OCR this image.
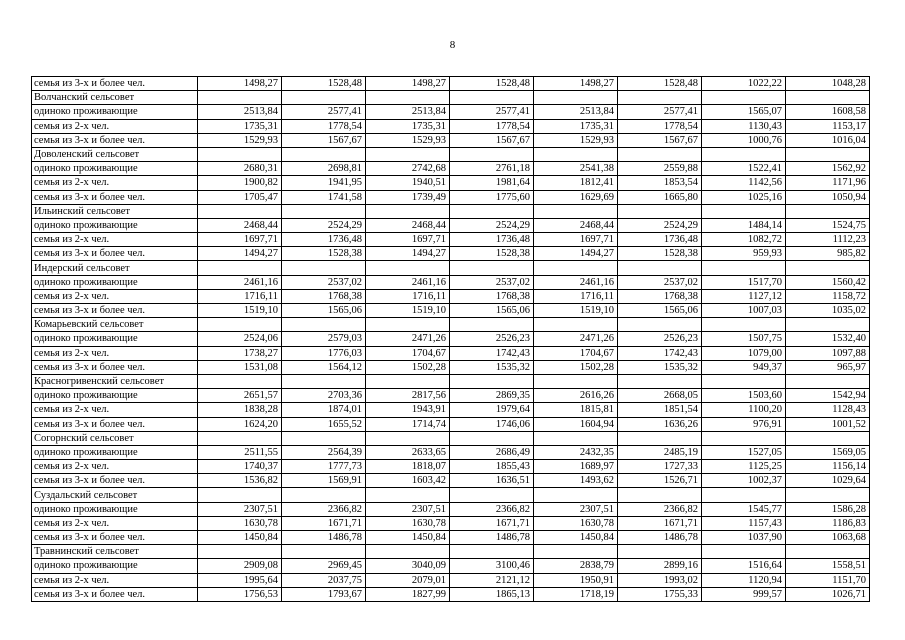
8
семья из 3-х и более чел.	1498,27	1528,48	1498,27	1528,48	1498,27	1528,48	1022,22	1048,28
Волчанский сельсовет								
одиноко проживающие	2513,84	2577,41	2513,84	2577,41	2513,84	2577,41	1565,07	1608,58
семья из 2-х чел.	1735,31	1778,54	1735,31	1778,54	1735,31	1778,54	1130,43	1153,17
семья из 3-х и более чел.	1529,93	1567,67	1529,93	1567,67	1529,93	1567,67	1000,76	1016,04
Доволенский сельсовет								
одиноко проживающие	2680,31	2698,81	2742,68	2761,18	2541,38	2559,88	1522,41	1562,92
семья из 2-х чел.	1900,82	1941,95	1940,51	1981,64	1812,41	1853,54	1142,56	1171,96
семья из 3-х и более чел.	1705,47	1741,58	1739,49	1775,60	1629,69	1665,80	1025,16	1050,94
Ильинский сельсовет								
одиноко проживающие	2468,44	2524,29	2468,44	2524,29	2468,44	2524,29	1484,14	1524,75
семья из 2-х чел.	1697,71	1736,48	1697,71	1736,48	1697,71	1736,48	1082,72	1112,23
семья из 3-х и более чел.	1494,27	1528,38	1494,27	1528,38	1494,27	1528,38	959,93	985,82
Индерский сельсовет								
одиноко проживающие	2461,16	2537,02	2461,16	2537,02	2461,16	2537,02	1517,70	1560,42
семья из 2-х чел.	1716,11	1768,38	1716,11	1768,38	1716,11	1768,38	1127,12	1158,72
семья из 3-х и более чел.	1519,10	1565,06	1519,10	1565,06	1519,10	1565,06	1007,03	1035,02
Комарьевский сельсовет								
одиноко проживающие	2524,06	2579,03	2471,26	2526,23	2471,26	2526,23	1507,75	1532,40
семья из 2-х чел.	1738,27	1776,03	1704,67	1742,43	1704,67	1742,43	1079,00	1097,88
семья из 3-х и более чел.	1531,08	1564,12	1502,28	1535,32	1502,28	1535,32	949,37	965,97
Красногривенский сельсовет								
одиноко проживающие	2651,57	2703,36	2817,56	2869,35	2616,26	2668,05	1503,60	1542,94
семья из 2-х чел.	1838,28	1874,01	1943,91	1979,64	1815,81	1851,54	1100,20	1128,43
семья из 3-х и более чел.	1624,20	1655,52	1714,74	1746,06	1604,94	1636,26	976,91	1001,52
Согорнский сельсовет								
одиноко проживающие	2511,55	2564,39	2633,65	2686,49	2432,35	2485,19	1527,05	1569,05
семья из 2-х чел.	1740,37	1777,73	1818,07	1855,43	1689,97	1727,33	1125,25	1156,14
семья из 3-х и более чел.	1536,82	1569,91	1603,42	1636,51	1493,62	1526,71	1002,37	1029,64
Суздальский сельсовет								
одиноко проживающие	2307,51	2366,82	2307,51	2366,82	2307,51	2366,82	1545,77	1586,28
семья из 2-х чел.	1630,78	1671,71	1630,78	1671,71	1630,78	1671,71	1157,43	1186,83
семья из 3-х и более чел.	1450,84	1486,78	1450,84	1486,78	1450,84	1486,78	1037,90	1063,68
Травнинский сельсовет								
одиноко проживающие	2909,08	2969,45	3040,09	3100,46	2838,79	2899,16	1516,64	1558,51
семья из 2-х чел.	1995,64	2037,75	2079,01	2121,12	1950,91	1993,02	1120,94	1151,70
семья из 3-х и более чел.	1756,53	1793,67	1827,99	1865,13	1718,19	1755,33	999,57	1026,71
